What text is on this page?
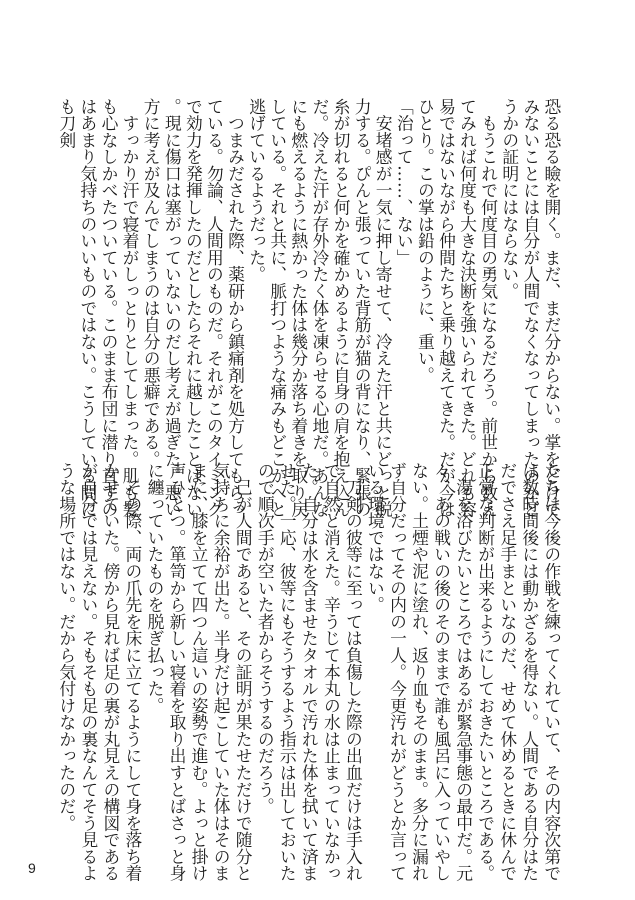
恐る恐る瞼を開く。まだ、まだ分からない。掌をどけて
みないことには自分が人間でなくなってしまったのかど
うかの証明にはならない。
　もうこれで何度目の勇気になるだろう。前世から数え
てみれば何度も大きな決断を強いられてきた。どれも容
易ではないながら仲間たちと乗り越えてきた。だが今は
ひとり。この掌は鉛のように、重い。
「治って……、ない」
　安堵感が一気に押し寄せて、冷えた汗と共にどっと脱
力する。ぴんと張っていた背筋が猫の背になり、緊張の
糸が切れると何かを確かめるように自身の肩を抱え込ん
だ。冷えた汗が存外冷たく体を凍らせる心地だ。あんな
にも燃えるように熱かった体は幾分か落ち着きを取り戻
している。それと共に、脈打つような痛みもどこかへと
逃げているようだった。
　つまみだされた際、薬研から鎮痛剤を処方してもらっ
ている。勿論、人間用のものだ。それがこのタイミング
で効力を発揮したのだとしたらそれに越したことはない
。現に傷口は塞がっていないのだし考えが過ぎた。悪い
方に考えが及んでしまうのは自分の悪癖である。
　すっかり汗で寝着がしっとりとしてしまった。肌も髪
も心なしかべたついている。このまま布団に潜り直すの
はあまり気持ちのいいものではない。こうしている間に
も刀剣
たちは今後の作戦を練ってくれていて、その内容次第で
は数時間後には動かざるを得ない。人間である自分はた
だでさえ足手まといなのだ、せめて休めるときに休んで
正常な判断が出来るようにしておきたいところである。
　湯を浴びたいところではあるが緊急事態の最中だ。元
々、あの戦いの後のそのままで誰も風呂に入っていやし
ない。土煙や泥に塗れ、返り血もそのまま。多分に漏れ
ず自分だってその内の一人。今更汚れがどうとか言って
いる環境ではない。
　刀剣の彼等に至っては負傷した際の出血だけは手入れ
で自然と消えた。辛うじて本丸の水は止まっていなかっ
た。自分は水を含ませたタオルで汚れた体を拭いて済ま
せた。一応、彼等にもそうするよう指示は出しておいた
ので順次手が空いた者からそうするのだろう。
　己が人間であると、その証明が果たせただけで随分と
気持ちに余裕が出た。半身だけ起こしていた体はそのま
まに、膝を立てて四つん這いの姿勢で進む。よっと掛け
声ひとつ。箪笥から新しい寝着を取り出すとばさっと身
に纏っていたものを脱ぎ払った。
　その際、両の爪先を床に立てるようにして身を落ち着
かせていた。傍から見れば足の裏が丸見えの構図である
が自分では見えない。そもそも足の裏なんてそう見るよ
うな場所ではない。だから気付けなかったのだ。
9
